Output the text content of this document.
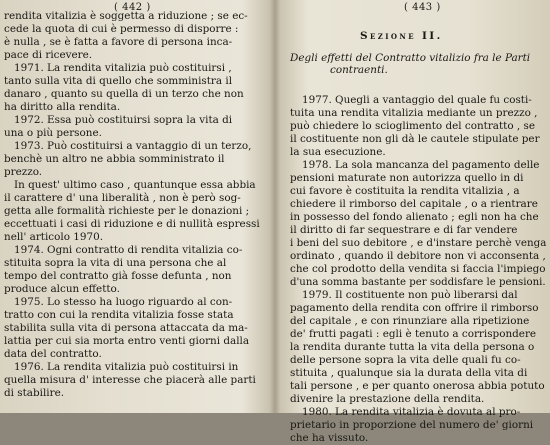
( 442 )
rendita vitalizia è soggetta a riduzione ; se ec-
cede la quota di cui è permesso di disporre :
è nulla , se è fatta a favore di persona inca-
pace di ricevere.
1971. La rendita vitalizia può costituirsi ,
tanto sulla vita di quello che somministra il
danaro , quanto su quella di un terzo che non
ha diritto alla rendita.
1972. Essa può costituirsi sopra la vita di
una o più persone.
1973. Può costituirsi a vantaggio di un terzo,
benchè un altro ne abbia somministrato il
prezzo.
In quest' ultimo caso , quantunque essa abbia
il carattere d' una liberalità , non è però sog-
getta alle formalità richieste per le donazioni ;
eccettuati i casi di riduzione e di nullità espressi
nell' articolo 1970.
1974. Ogni contratto di rendita vitalizia co-
stituita sopra la vita di una persona che al
tempo del contratto già fosse defunta , non
produce alcun effetto.
1975. Lo stesso ha luogo riguardo al con-
tratto con cui la rendita vitalizia fosse stata
stabilita sulla vita di persona attaccata da ma-
lattia per cui sia morta entro venti giorni dalla
data del contratto.
1976. La rendita vitalizia può costituirsi in
quella misura d' interesse che piacerà alle parti
di stabilire.
( 443 )
Sezione II.
Degli effetti del Contratto vitalizio fra le Parti
contraenti.
1977. Quegli a vantaggio del quale fu costi-
tuita una rendita vitalizia mediante un prezzo ,
può chiedere lo scioglimento del contratto , se
il costituente non gli dà le cautele stipulate per
la sua esecuzione.
1978. La sola mancanza del pagamento delle
pensioni maturate non autorizza quello in di
cui favore è costituita la rendita vitalizia , a
chiedere il rimborso del capitale , o a rientrare
in possesso del fondo alienato ; egli non ha che
il diritto di far sequestrare e di far vendere
i beni del suo debitore , e d'instare perchè venga
ordinato , quando il debitore non vi acconsenta ,
che col prodotto della vendita si faccia l'impiego
d'una somma bastante per soddisfare le pensioni.
1979. Il costituente non può liberarsi dal
pagamento della rendita con offrire il rimborso
del capitale , e con rinunziare alla ripetizione
de' frutti pagati : egli è tenuto a corrispondere
la rendita durante tutta la vita della persona o
delle persone sopra la vita delle quali fu co-
stituita , qualunque sia la durata della vita di
tali persone , e per quanto onerosa abbia potuto
divenire la prestazione della rendita.
1980. La rendita vitalizia è dovuta al pro-
prietario in proporzione del numero de' giorni
che ha vissuto.
